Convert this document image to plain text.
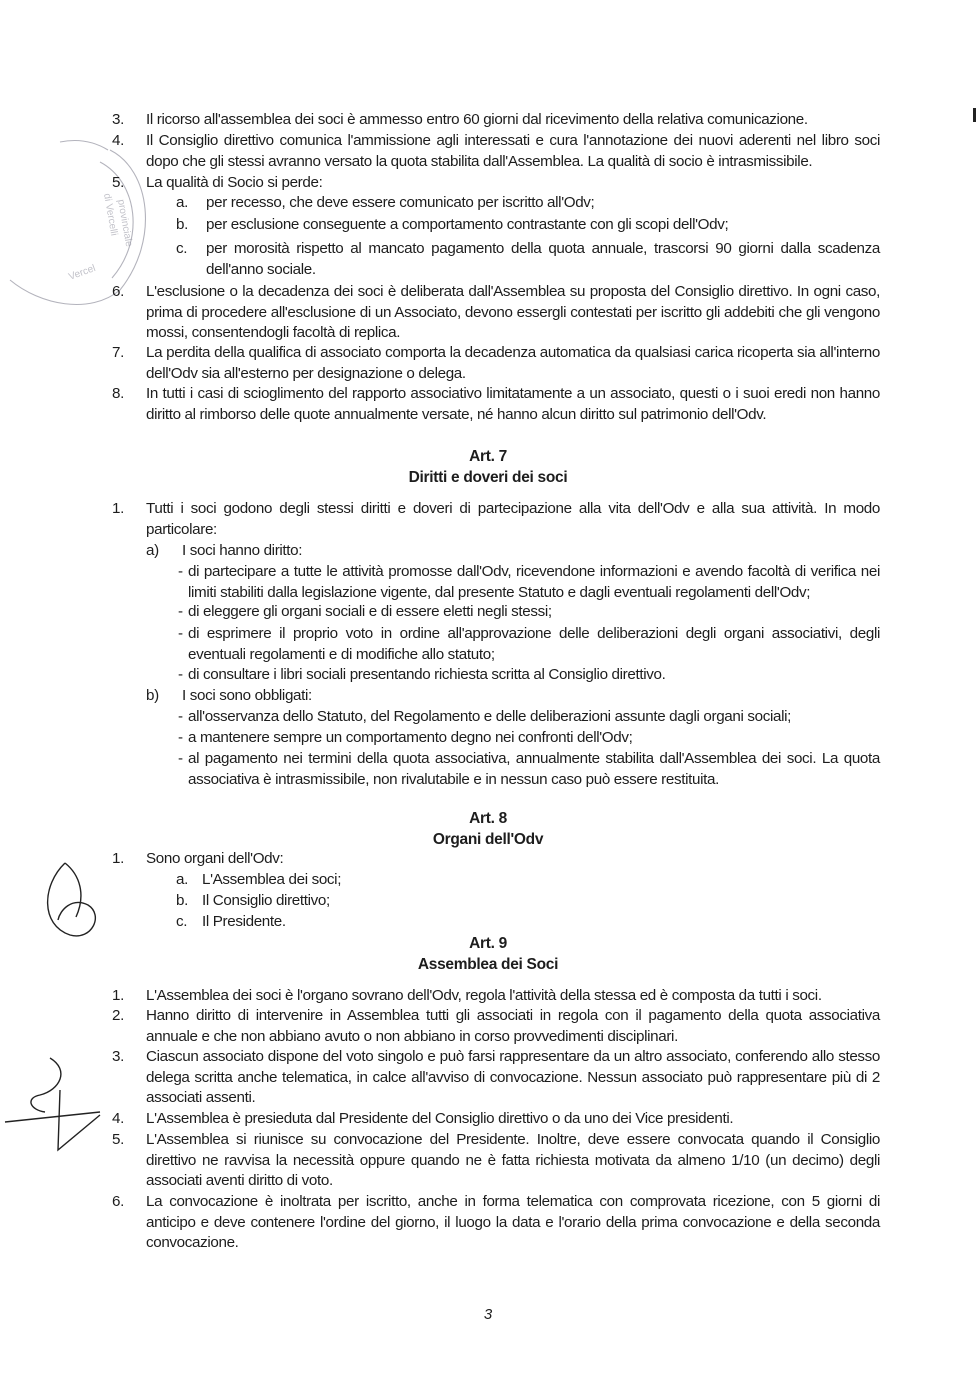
provinciale
di Vercelli
Vercel
3.	Il ricorso all'assemblea dei soci è ammesso entro 60 giorni dal ricevimento della relativa comunicazione.
4.	Il Consiglio direttivo comunica l'ammissione agli interessati e cura l'annotazione dei nuovi aderenti nel libro soci dopo che gli stessi avranno versato la quota stabilita dall'Assemblea. La qualità di socio è intrasmissibile.
5.	La qualità di Socio si perde:
a. per recesso, che deve essere comunicato per iscritto all'Odv;
b. per esclusione conseguente a comportamento contrastante con gli scopi dell'Odv;
c. per morosità rispetto al mancato pagamento della quota annuale, trascorsi 90 giorni dalla scadenza dell'anno sociale.
6.	L'esclusione o la decadenza dei soci è deliberata dall'Assemblea su proposta del Consiglio direttivo. In ogni caso, prima di procedere all'esclusione di un Associato, devono essergli contestati per iscritto gli addebiti che gli vengono mossi, consentendogli facoltà di replica.
7.	La perdita della qualifica di associato comporta la decadenza automatica da qualsiasi carica ricoperta sia all'interno dell'Odv sia all'esterno per designazione o delega.
8.	In tutti i casi di scioglimento del rapporto associativo limitatamente a un associato, questi o i suoi eredi non hanno diritto al rimborso delle quote annualmente versate, né hanno alcun diritto sul patrimonio dell'Odv.
Art. 7
Diritti e doveri dei soci
1.	Tutti i soci godono degli stessi diritti e doveri di partecipazione alla vita dell'Odv e alla sua attività. In modo particolare:
a) I soci hanno diritto:
- di partecipare a tutte le attività promosse dall'Odv, ricevendone informazioni e avendo facoltà di verifica nei limiti stabiliti dalla legislazione vigente, dal presente Statuto e dagli eventuali regolamenti dell'Odv;
- di eleggere gli organi sociali e di essere eletti negli stessi;
- di esprimere il proprio voto in ordine all'approvazione delle deliberazioni degli organi associativi, degli eventuali regolamenti e di modifiche allo statuto;
- di consultare i libri sociali presentando richiesta scritta al Consiglio direttivo.
b) I soci sono obbligati:
- all'osservanza dello Statuto, del Regolamento e delle deliberazioni assunte dagli organi sociali;
- a mantenere sempre un comportamento degno nei confronti dell'Odv;
- al pagamento nei termini della quota associativa, annualmente stabilita dall'Assemblea dei soci. La quota associativa è intrasmissibile, non rivalutabile e in nessun caso può essere restituita.
Art. 8
Organi dell'Odv
1.	Sono organi dell'Odv:
a. L'Assemblea dei soci;
b. Il Consiglio direttivo;
c. Il Presidente.
Art. 9
Assemblea dei Soci
1.	L'Assemblea dei soci è l'organo sovrano dell'Odv, regola l'attività della stessa ed è composta da tutti i soci.
2.	Hanno diritto di intervenire in Assemblea tutti gli associati in regola con il pagamento della quota associativa annuale e che non abbiano avuto o non abbiano in corso provvedimenti disciplinari.
3.	Ciascun associato dispone del voto singolo e può farsi rappresentare da un altro associato, conferendo allo stesso delega scritta anche telematica, in calce all'avviso di convocazione. Nessun associato può rappresentare più di 2 associati assenti.
4.	L'Assemblea è presieduta dal Presidente del Consiglio direttivo o da uno dei Vice presidenti.
5.	L'Assemblea si riunisce su convocazione del Presidente. Inoltre, deve essere convocata quando il Consiglio direttivo ne ravvisa la necessità oppure quando ne è fatta richiesta motivata da almeno 1/10 (un decimo) degli associati aventi diritto di voto.
6.	La convocazione è inoltrata per iscritto, anche in forma telematica con comprovata ricezione, con 5 giorni di anticipo e deve contenere l'ordine del giorno, il luogo la data e l'orario della prima convocazione e della seconda convocazione.
3
